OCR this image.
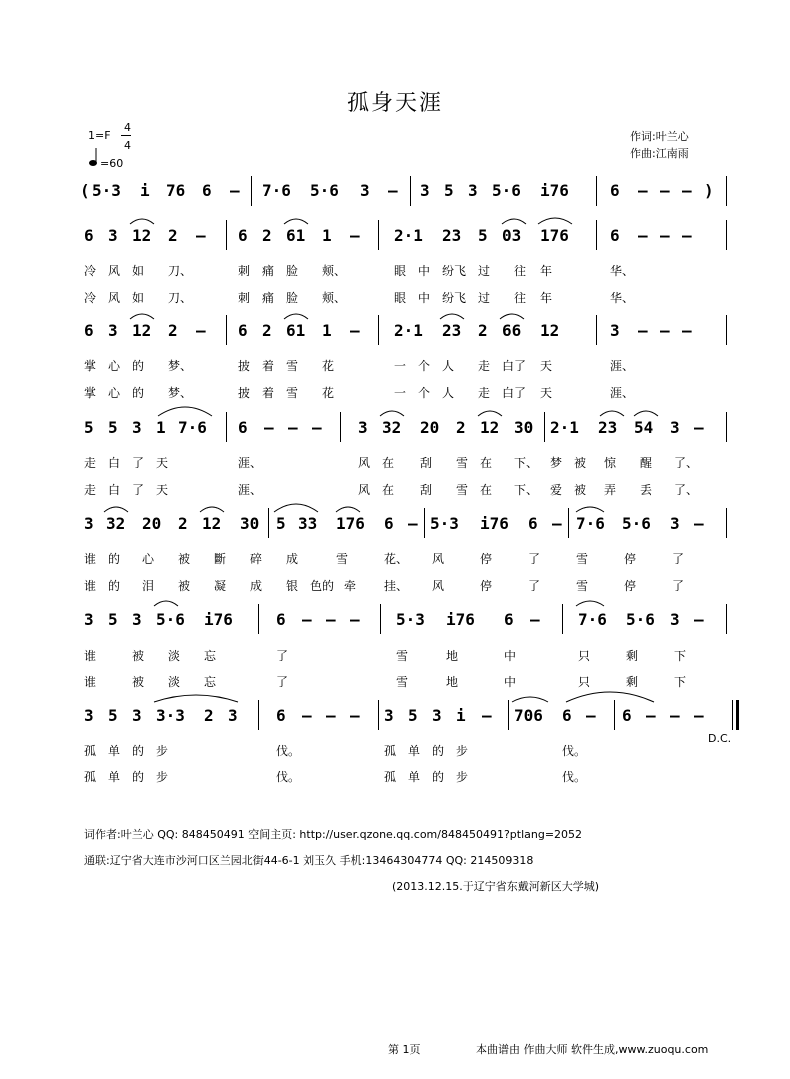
孤身天涯
1=F
4
4
=60
作词:叶兰心
作曲:江南雨
( 5·3 i 76 6 – 7·6 5·6 3 – 3 5 3 5·6 i76	6 – – – )
6 3 12 2 – 6 2 61 1 – 2·1 23 5 03 176	6 – – –
冷 风 如 刀、	刺 痛 脸 颊、	眼 中 纷飞 过 往 年	华、
冷 风 如 刀、	刺 痛 脸 颊、	眼 中 纷飞 过 往 年	华、
6 3 12 2 – 6 2 61 1 – 2·1 23 2 66 12	3 – – –
掌 心 的 梦、	披 着 雪 花	一 个 人 走 白了 天	涯、
掌 心 的 梦、	披 着 雪 花	一 个 人 走 白了 天	涯、
5 5 3 1 7·6 6 – – – 3 32 20 2 12 30 2·1 23 54 3 –
走 白 了 天	涯、	风 在 刮 雪 在 下、 梦 被 惊 醒 了、
走 白 了 天	涯、	风 在 刮 雪 在 下、 爱 被 弄 丢 了、
3 32 20 2 12 30 5 33 176 6 – 5·3 i76 6 – 7·6 5·6 3 –
谁 的 心 被 斷 碎 成	雪	花、 风	停	了	雪	停	了
谁 的 泪 被 凝 成 银 色的 牵 挂、 风	停	了	雪	停	了
3 5 3 5·6 i76	6 – – – 5·3 i76 6 – 7·6 5·6 3 –
谁	被 淡 忘	了	雪	地	中	只	剩	下
谁	被 淡 忘	了	雪	地	中	只	剩	下
3 5 3 3·3 2 3 6 – – – 3 5 3 i – 706 6 – 6 – – –
D.C.
孤 单 的 步	伐。	孤 单 的 步	伐。
孤 单 的 步	伐。	孤 单 的 步	伐。
词作者:叶兰心 QQ: 848450491 空间主页: http://user.qzone.qq.com/848450491?ptlang=2052
通联:辽宁省大连市沙河口区兰园北街44-6-1 刘玉久 手机:13464304774 QQ: 214509318
(2013.12.15.于辽宁省东戴河新区大学城)
第 1页	本曲谱由 作曲大师 软件生成,www.zuoqu.com
